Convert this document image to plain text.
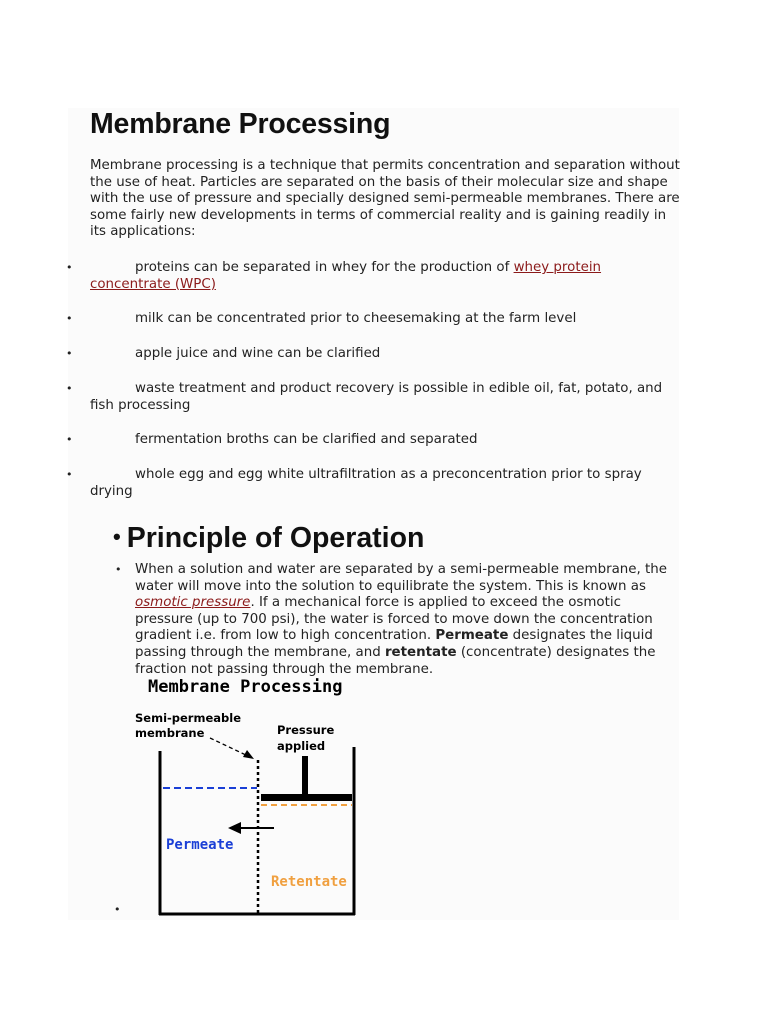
Membrane Processing

Membrane processing is a technique that permits concentration and separation without the use of heat. Particles are separated on the basis of their molecular size and shape with the use of pressure and specially designed semi-permeable membranes. There are some fairly new developments in terms of commercial reality and is gaining readily in its applications:

•	proteins can be separated in whey for the production of whey protein concentrate (WPC)
•	milk can be concentrated prior to cheesemaking at the farm level
•	apple juice and wine can be clarified
•	waste treatment and product recovery is possible in edible oil, fat, potato, and fish processing
•	fermentation broths can be clarified and separated
•	whole egg and egg white ultrafiltration as a preconcentration prior to spray drying
• Principle of Operation

• When a solution and water are separated by a semi-permeable membrane, the water will move into the solution to equilibrate the system. This is known as osmotic pressure. If a mechanical force is applied to exceed the osmotic pressure (up to 700 psi), the water is forced to move down the concentration gradient i.e. from low to high concentration. Permeate designates the liquid passing through the membrane, and retentate (concentrate) designates the fraction not passing through the membrane.

Membrane Processing
Semi-permeable
membrane	Pressure
applied
Permeate
Retentate
•
